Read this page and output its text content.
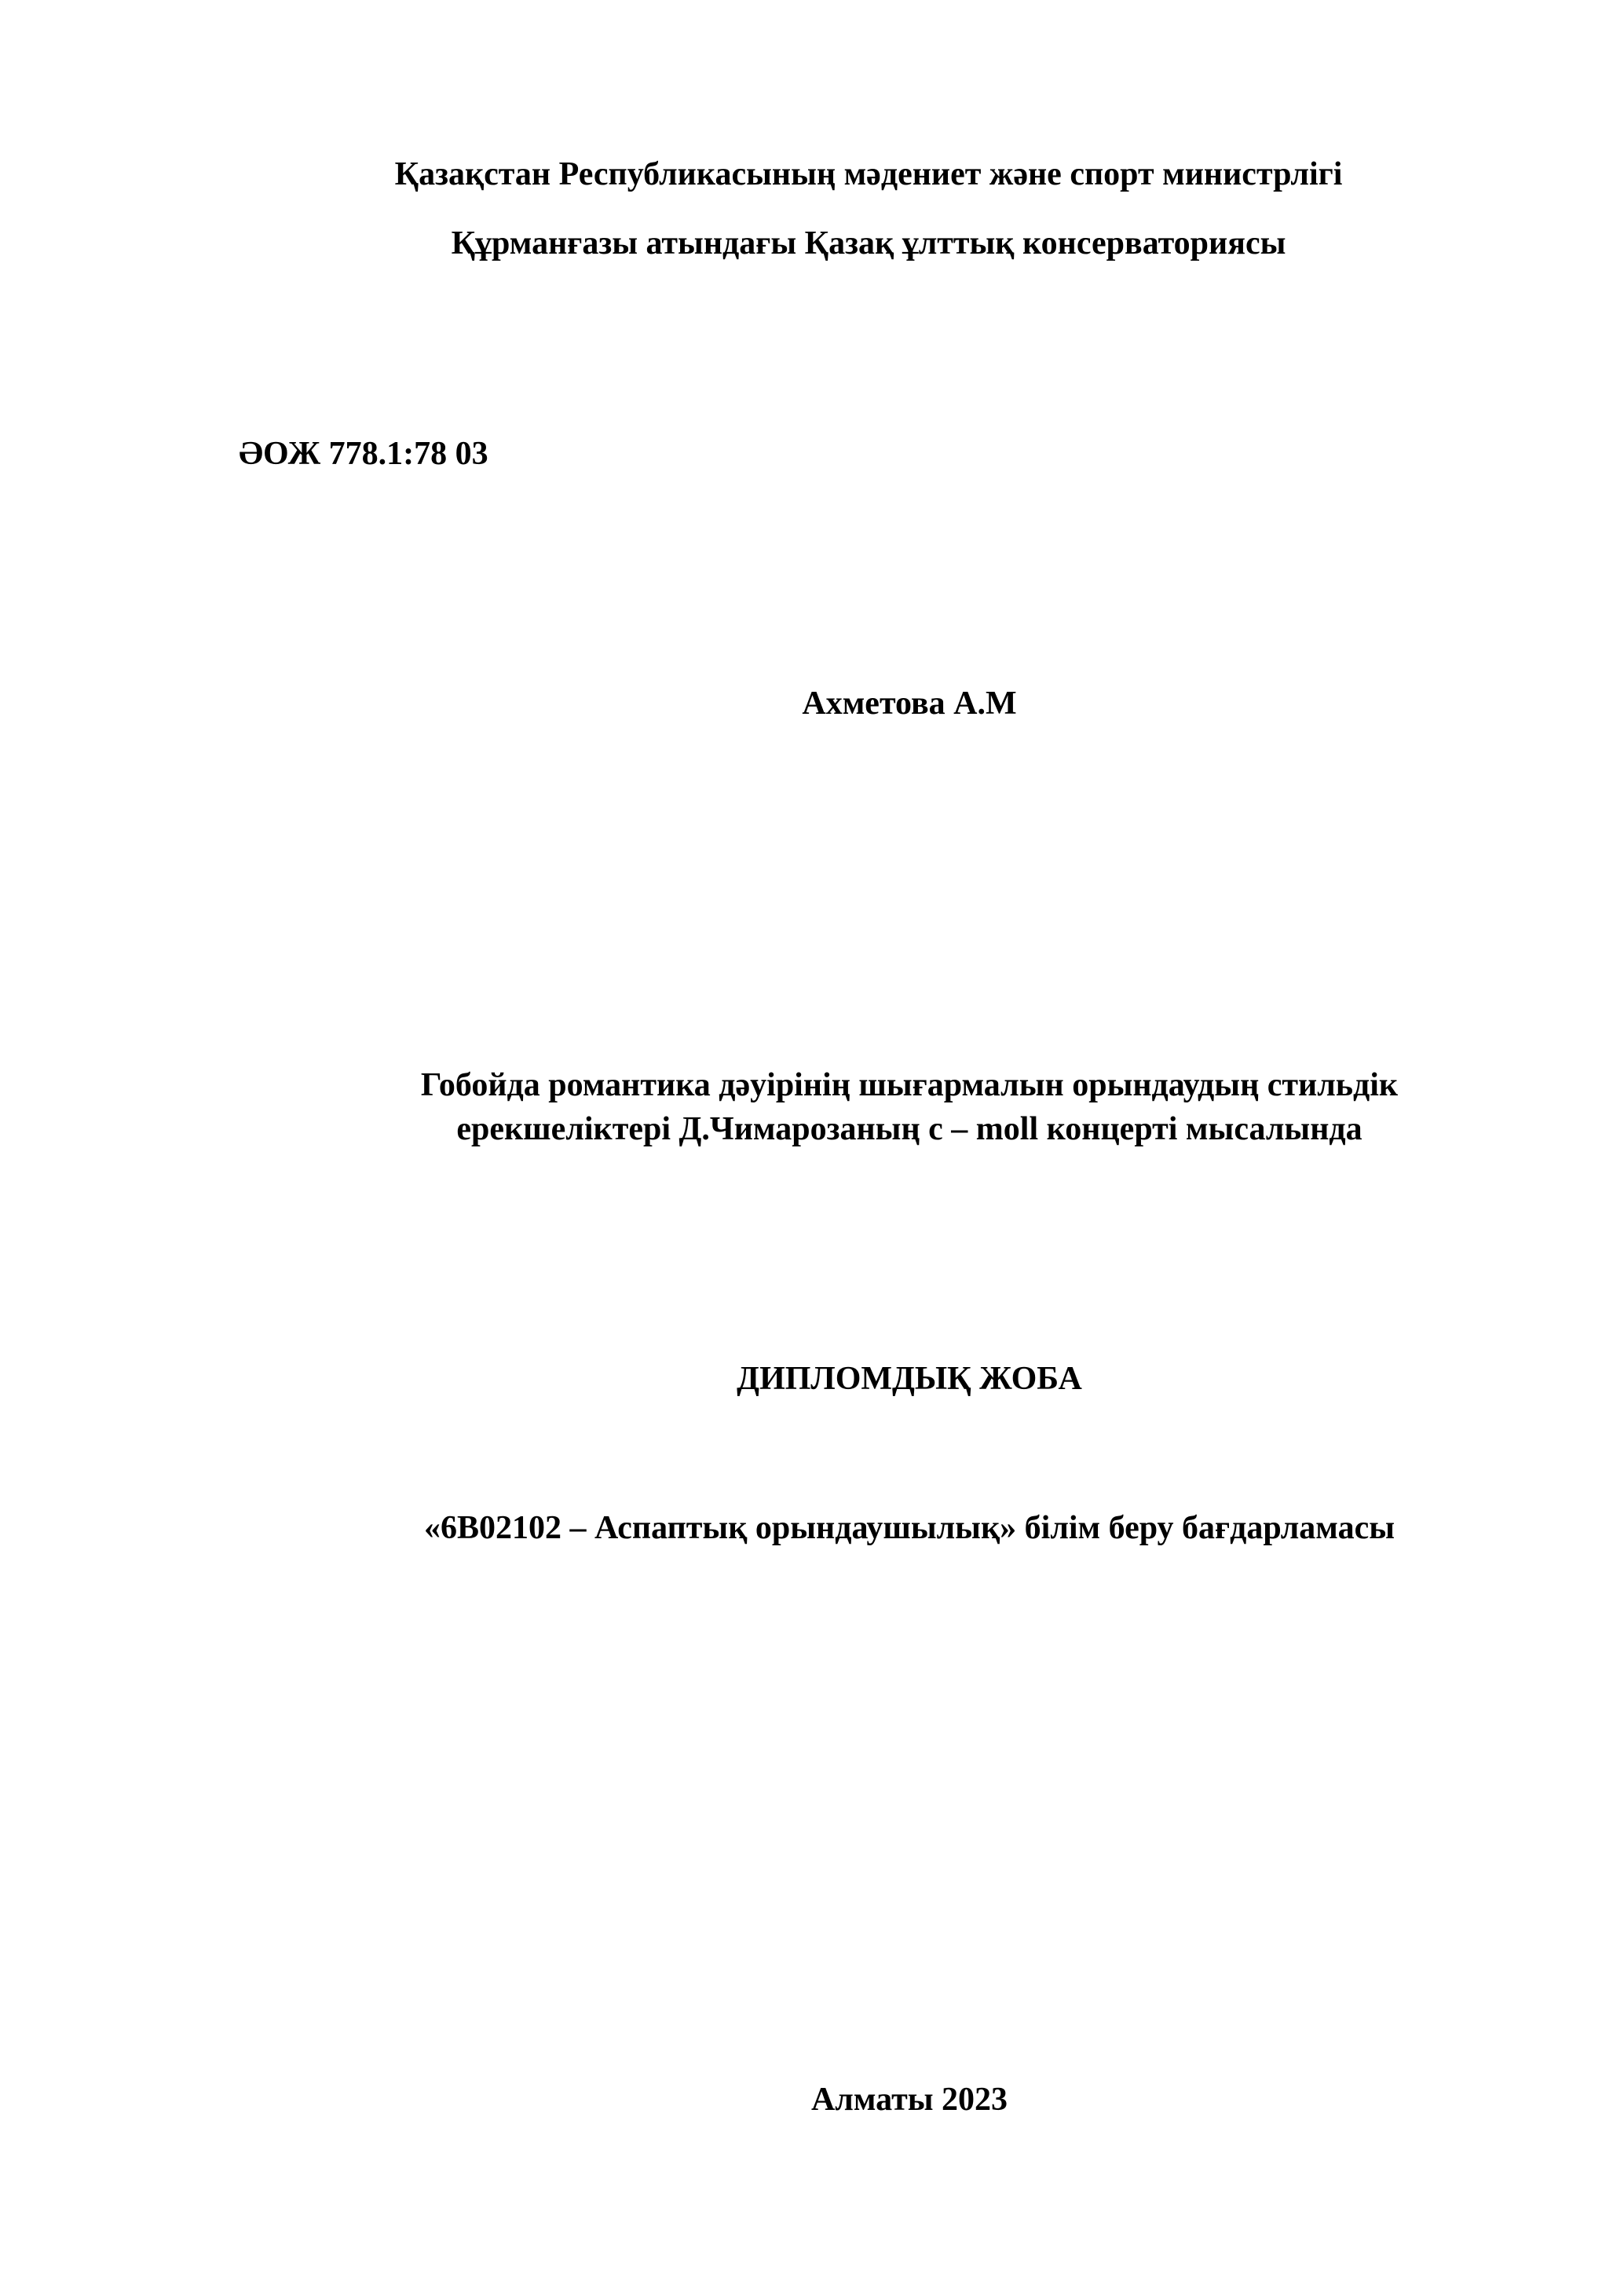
Қазақстан Республикасының мәдениет және спорт министрлігі
Құрманғазы атындағы Қазақ ұлттық консерваториясы
ӘОЖ 778.1:78 03
Ахметова А.М
Гобойда романтика дәуірінің шығармалын орындаудың стильдік
ерекшеліктері Д.Чимарозаның c – moll концерті мысалында
ДИПЛОМДЫҚ ЖОБА
«6В02102 – Аспаптық орындаушылық» білім беру бағдарламасы
Алматы 2023
